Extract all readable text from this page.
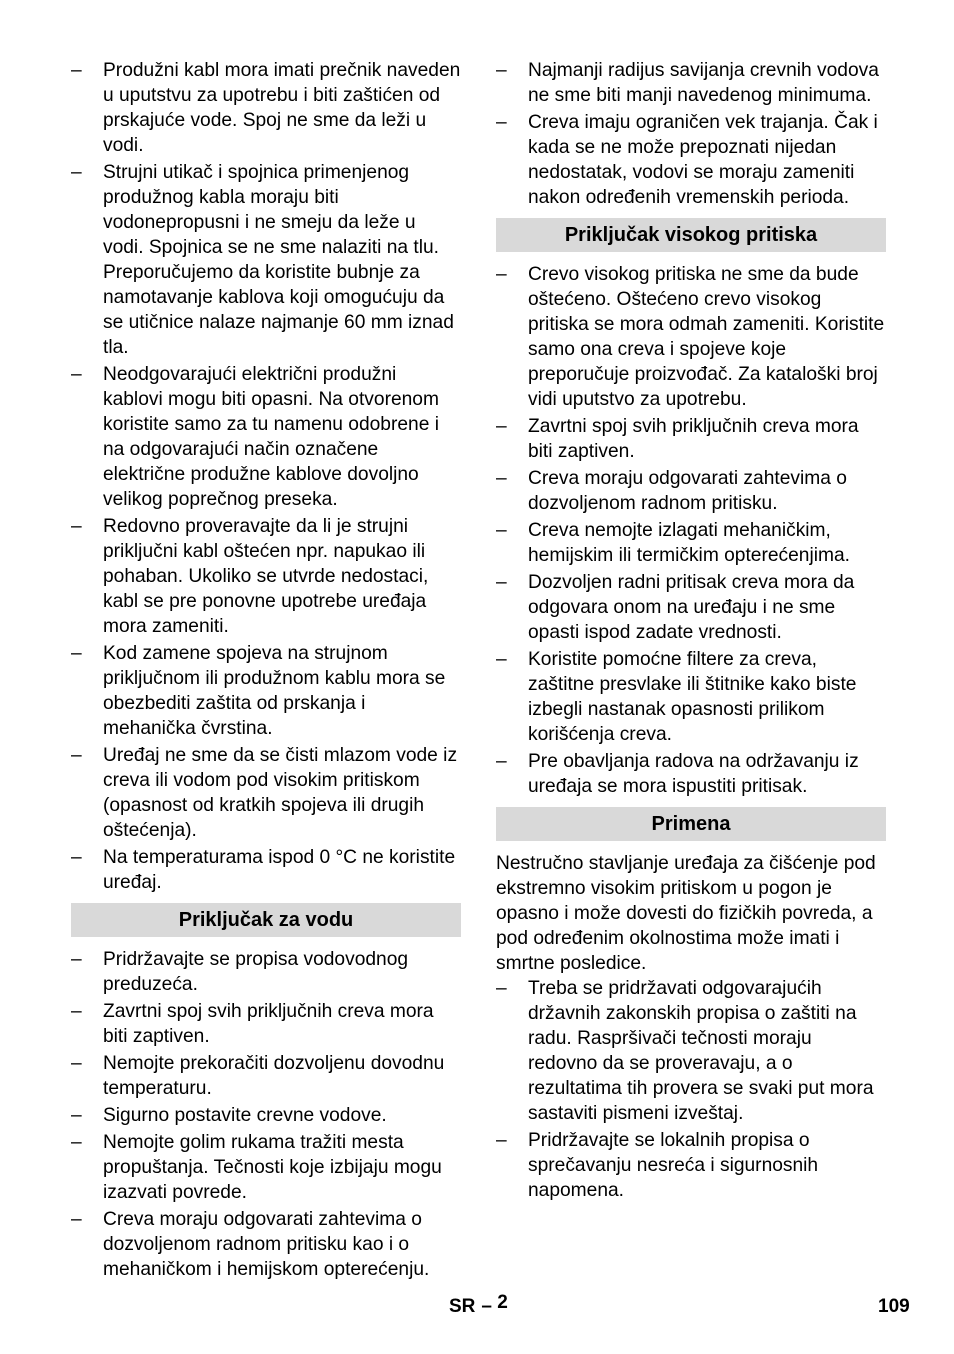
– Produžni kabl mora imati prečnik naveden u uputstvu za upotrebu i biti zaštićen od prskajuće vode. Spoj ne sme da leži u vodi.
– Strujni utikač i spojnica primenjenog produžnog kabla moraju biti vodonepropusni i ne smeju da leže u vodi. Spojnica se ne sme nalaziti na tlu. Preporučujemo da koristite bubnje za namotavanje kablova koji omogućuju da se utičnice nalaze najmanje 60 mm iznad tla.
– Neodgovarajući električni produžni kablovi mogu biti opasni. Na otvorenom koristite samo za tu namenu odobrene i na odgovarajući način označene električne produžne kablove dovoljno velikog poprečnog preseka.
– Redovno proveravajte da li je strujni priključni kabl oštećen npr. napukao ili pohaban. Ukoliko se utvrde nedostaci, kabl se pre ponovne upotrebe uređaja mora zameniti.
– Kod zamene spojeva na strujnom priključnom ili produžnom kablu mora se obezbediti zaštita od prskanja i mehanička čvrstina.
– Uređaj ne sme da se čisti mlazom vode iz creva ili vodom pod visokim pritiskom (opasnost od kratkih spojeva ili drugih oštećenja).
– Na temperaturama ispod 0 °C ne koristite uređaj.
Priključak za vodu
– Pridržavajte se propisa vodovodnog preduzeća.
– Zavrtni spoj svih priključnih creva mora biti zaptiven.
– Nemojte prekoračiti dozvoljenu dovodnu temperaturu.
– Sigurno postavite crevne vodove.
– Nemojte golim rukama tražiti mesta propuštanja. Tečnosti koje izbijaju mogu izazvati povrede.
– Creva moraju odgovarati zahtevima o dozvoljenom radnom pritisku kao i o mehaničkom i hemijskom opterećenju.
– Najmanji radijus savijanja crevnih vodova ne sme biti manji navedenog minimuma.
– Creva imaju ograničen vek trajanja. Čak i kada se ne može prepoznati nijedan nedostatak, vodovi se moraju zameniti nakon određenih vremenskih perioda.
Priključak visokog pritiska
– Crevo visokog pritiska ne sme da bude oštećeno. Oštećeno crevo visokog pritiska se mora odmah zameniti. Koristite samo ona creva i spojeve koje preporučuje proizvođač. Za kataloški broj vidi uputstvo za upotrebu.
– Zavrtni spoj svih priključnih creva mora biti zaptiven.
– Creva moraju odgovarati zahtevima o dozvoljenom radnom pritisku.
– Creva nemojte izlagati mehaničkim, hemijskim ili termičkim opterećenjima.
– Dozvoljen radni pritisak creva mora da odgovara onom na uređaju i ne sme opasti ispod zadate vrednosti.
– Koristite pomoćne filtere za creva, zaštitne presvlake ili štitnike kako biste izbegli nastanak opasnosti prilikom korišćenja creva.
– Pre obavljanja radova na održavanju iz uređaja se mora ispustiti pritisak.
Primena

Nestručno stavljanje uređaja za čišćenje pod ekstremno visokim pritiskom u pogon je opasno i može dovesti do fizičkih povreda, a pod određenim okolnostima može imati i smrtne posledice.

– Treba se pridržavati odgovarajućih državnih zakonskih propisa o zaštiti na radu. Raspršivači tečnosti moraju redovno da se proveravaju, a o rezultatima tih provera se svaki put mora sastaviti pismeni izveštaj.
– Pridržavajte se lokalnih propisa o sprečavanju nesreća i sigurnosnih napomena.
SR – 2	109
